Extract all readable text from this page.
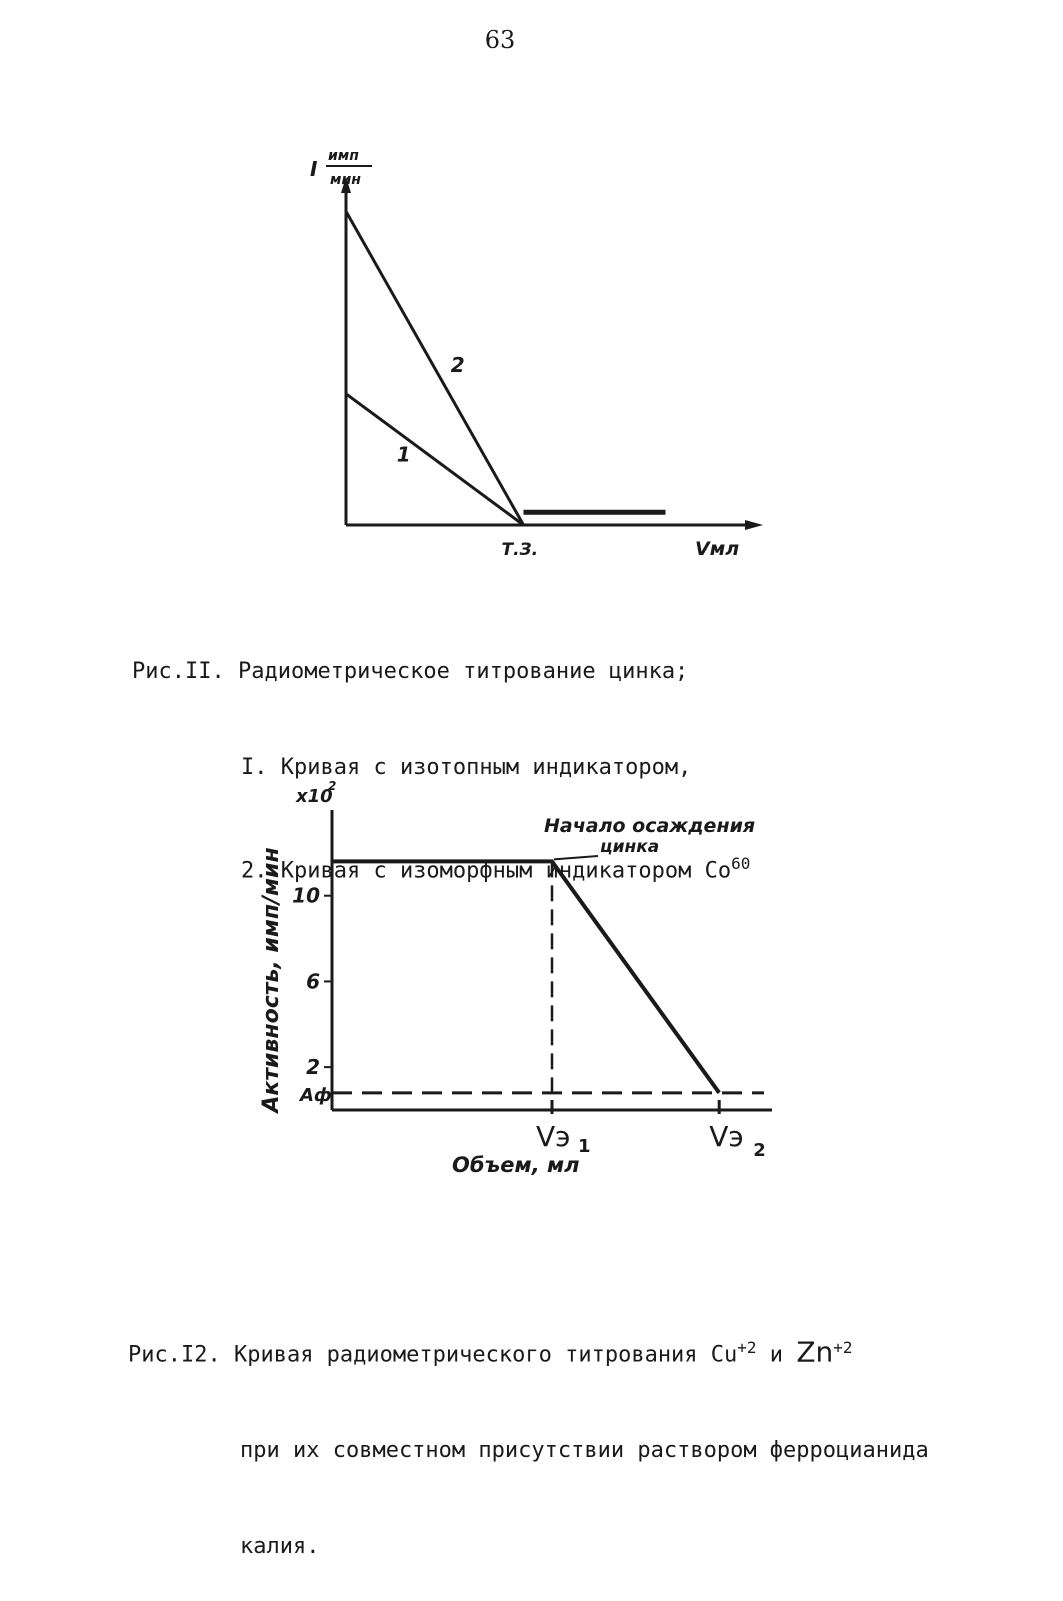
63
I
имп
мин
Т.З.	Vмл
1
2

Рис.II. Радиометрическое титрование цинка;

I. Кривая с изотопным индикатором,

2. Кривая с изоморфным индикатором Co$^{60}$

x10
2
2
6
10
Активность, имп/мин Aф
Vэ 1	Vэ 2
Объем, мл
Начало осаждения
цинка

Рис.I2. Кривая радиометрического титрования $Cu^{+2}$ и $Zn^{+2}$

при их совместном присутствии раствором ферроцианида

калия.
